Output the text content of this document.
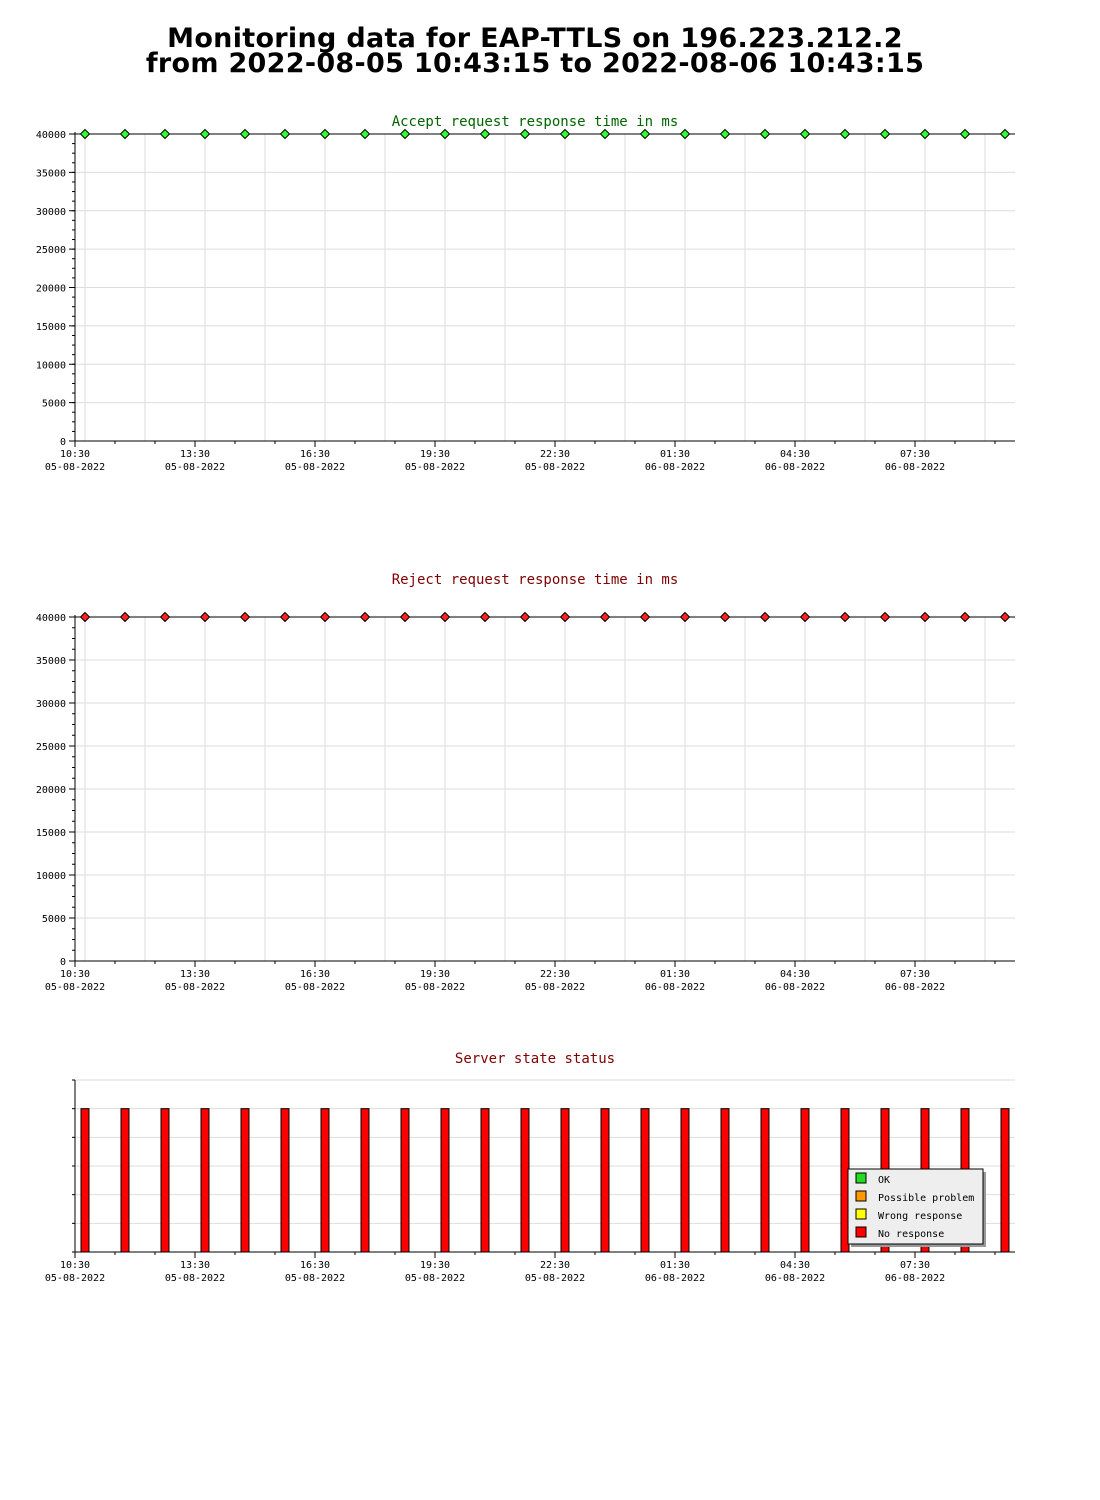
Monitoring data for EAP-TTLS on 196.223.212.2
from 2022-08-05 10:43:15 to 2022-08-06 10:43:15
Accept request response time in ms
0
5000
10000
15000
20000
25000
30000
35000
40000
10:30
05-08-2022
13:30
05-08-2022
16:30
05-08-2022
19:30
05-08-2022
22:30
05-08-2022
01:30
06-08-2022
04:30
06-08-2022
07:30
06-08-2022
Reject request response time in ms
0
5000
10000
15000
20000
25000
30000
35000
40000
10:30
05-08-2022
13:30
05-08-2022
16:30
05-08-2022
19:30
05-08-2022
22:30
05-08-2022
01:30
06-08-2022
04:30
06-08-2022
07:30
06-08-2022
Server state status
10:30
05-08-2022
13:30
05-08-2022
16:30
05-08-2022
19:30
05-08-2022
22:30
05-08-2022
01:30
06-08-2022
04:30
06-08-2022
07:30
06-08-2022
OK
Possible problem
Wrong response
No response
